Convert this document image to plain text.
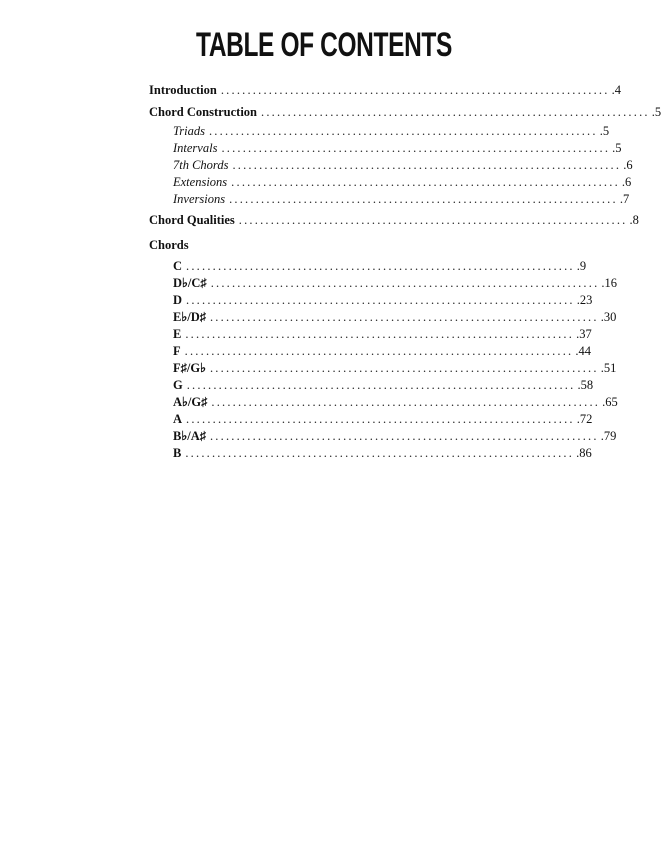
TABLE OF CONTENTS
Introduction ......................................................................... .4
Chord Construction ......................................................................... .5
Triads ......................................................................... .5
Intervals ......................................................................... .5
7th Chords ......................................................................... .6
Extensions ......................................................................... .6
Inversions ......................................................................... .7
Chord Qualities ......................................................................... .8
Chords
C ......................................................................... .9
D♭/C♯ ......................................................................... .16
D ......................................................................... .23
E♭/D♯ ......................................................................... .30
E ......................................................................... .37
F ......................................................................... .44
F♯/G♭ ......................................................................... .51
G ......................................................................... .58
A♭/G♯ ......................................................................... .65
A ......................................................................... .72
B♭/A♯ ......................................................................... .79
B ......................................................................... .86
